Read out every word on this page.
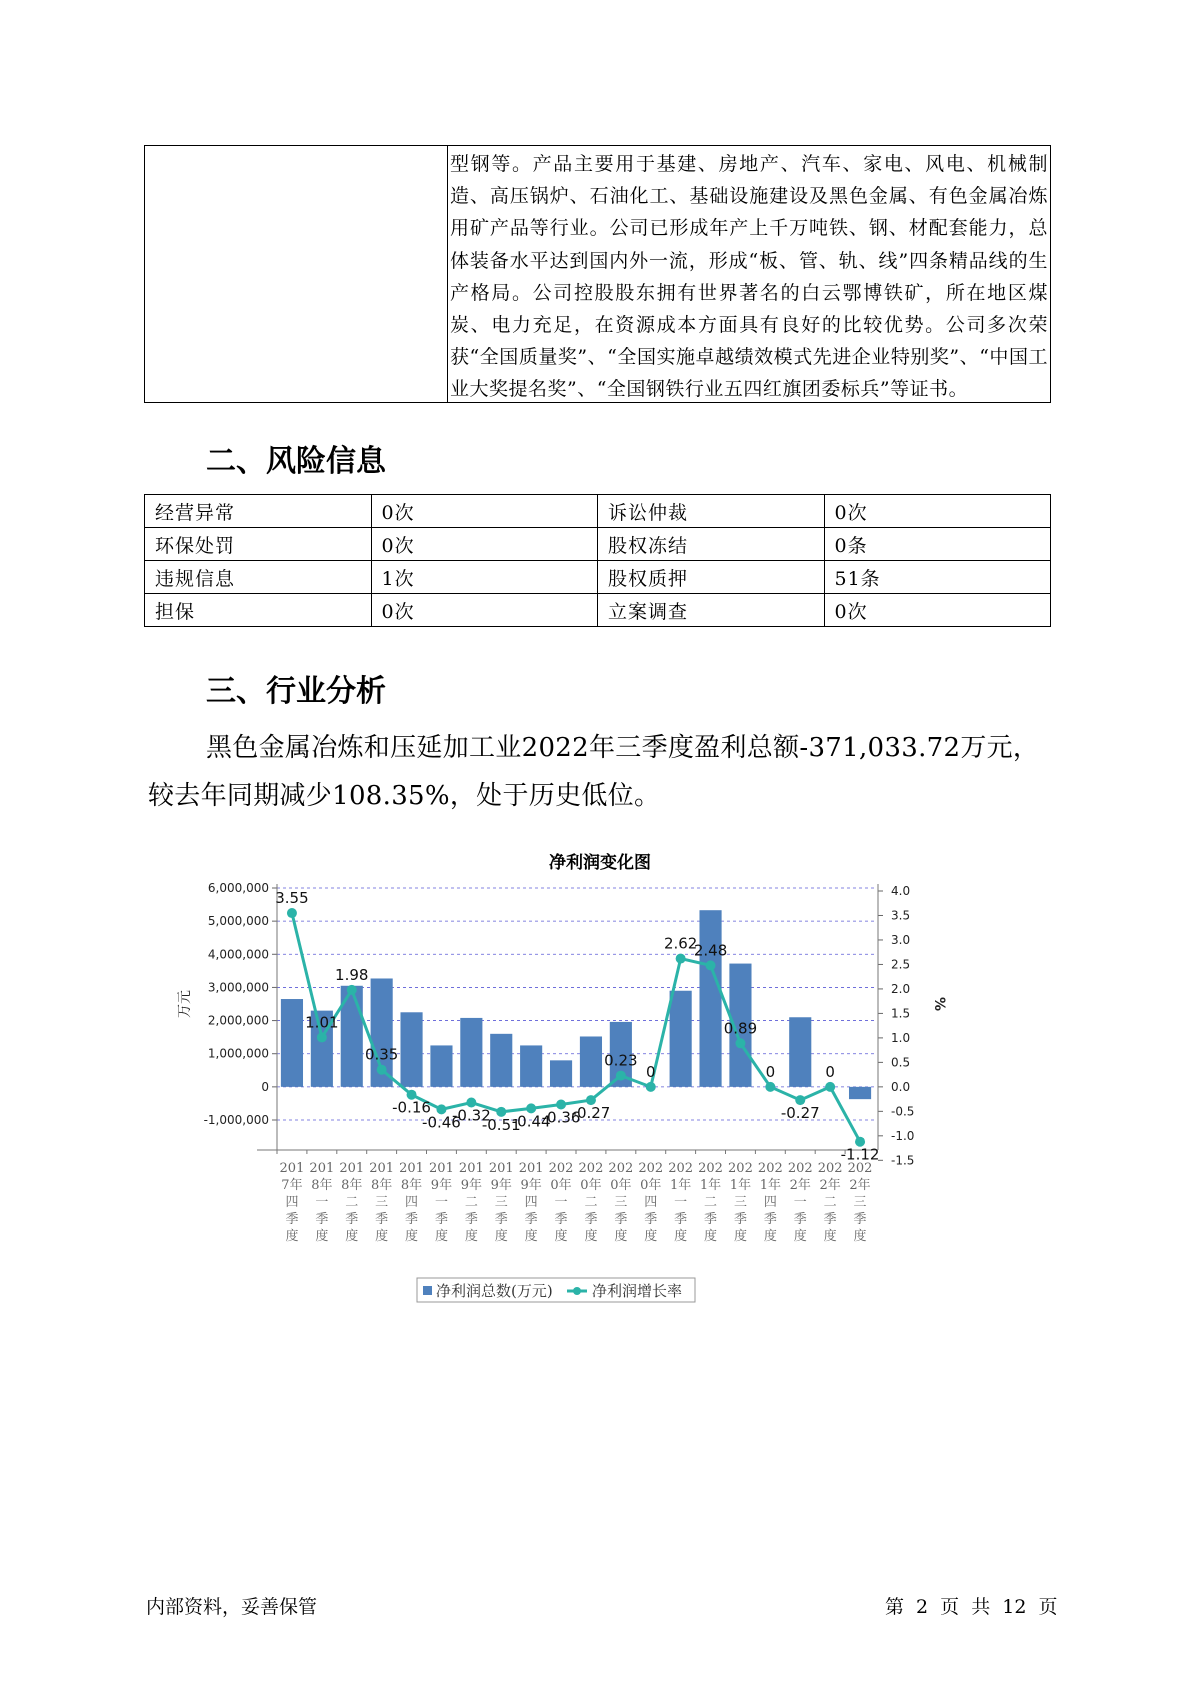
型钢等。产品主要用于基建、房地产、汽车、家电、风电、机械制造、高压锅炉、石油化工、基础设施建设及黑色金属、有色金属冶炼用矿产品等行业。公司已形成年产上千万吨铁、钢、材配套能力，总体装备水平达到国内外一流，形成“板、管、轨、线”四条精品线的生产格局。公司控股股东拥有世界著名的白云鄂博铁矿，所在地区煤炭、电力充足，在资源成本方面具有良好的比较优势。公司多次荣获“全国质量奖”、“全国实施卓越绩效模式先进企业特别奖”、“中国工业大奖提名奖”、“全国钢铁行业五四红旗团委标兵”等证书。
二、风险信息
经营异常	0次	诉讼仲裁	0次
环保处罚	0次	股权冻结	0条
违规信息	1次	股权质押	51条
担保	0次	立案调查	0次
三、行业分析
黑色金属冶炼和压延加工业2022年三季度盈利总额-371,033.72万元，较去年同期减少108.35%，处于历史低位。
净利润变化图
6,000,000
5,000,000
4,000,000
3,000,000
2,000,000
1,000,000
0
-1,000,000
4.0
3.5
3.0
2.5
2.0
1.5
1.0
0.5
0.0
-0.5
-1.0
-1.5
万元	%
3.55
1.01
1.98
0.35
-0.16
-0.46
-0.32
-0.51
-0.44
-0.36
-0.27
0.23
0
2.62
2.48
0.89
0
-0.27
0
-1.12
201
7年
四
季
度
201
8年
一
季
度
201
8年
二
季
度
201
8年
三
季
度
201
8年
四
季
度
201
9年
一
季
度
201
9年
二
季
度
201
9年
三
季
度
201
9年
四
季
度
202
0年
一
季
度
202
0年
二
季
度
202
0年
三
季
度
202
0年
四
季
度
202
1年
一
季
度
202
1年
二
季
度
202
1年
三
季
度
202
1年
四
季
度
202
2年
一
季
度
202
2年
二
季
度
202
2年
三
季
度
净利润总数(万元)	净利润增长率
内部资料，妥善保管	第 2 页 共 12 页
